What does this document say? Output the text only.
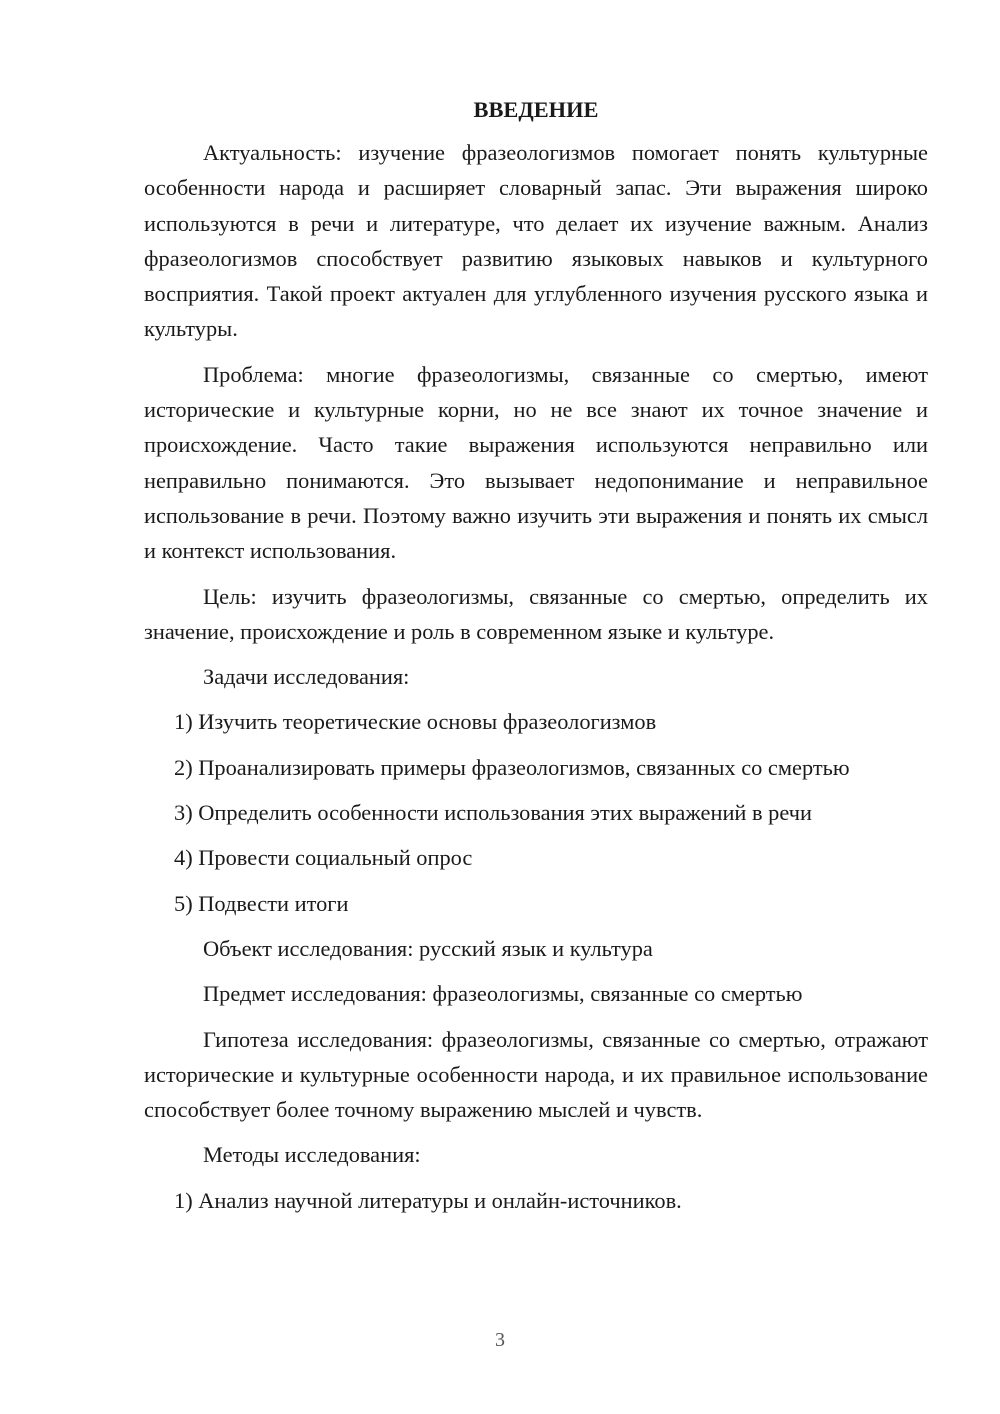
ВВЕДЕНИЕ

Актуальность: изучение фразеологизмов помогает понять культурные особенности народа и расширяет словарный запас. Эти выражения широко используются в речи и литературе, что делает их изучение важным. Анализ фразеологизмов способствует развитию языковых навыков и культурного восприятия. Такой проект актуален для углубленного изучения русского языка и культуры.

Проблема: многие фразеологизмы, связанные со смертью, имеют исторические и культурные корни, но не все знают их точное значение и происхождение. Часто такие выражения используются неправильно или неправильно понимаются. Это вызывает недопонимание и неправильное использование в речи. Поэтому важно изучить эти выражения и понять их смысл и контекст использования.

Цель: изучить фразеологизмы, связанные со смертью, определить их значение, происхождение и роль в современном языке и культуре.

Задачи исследования:

1) Изучить теоретические основы фразеологизмов

2) Проанализировать примеры фразеологизмов, связанных со смертью

3) Определить особенности использования этих выражений в речи

4) Провести социальный опрос

5) Подвести итоги

Объект исследования: русский язык и культура

Предмет исследования: фразеологизмы, связанные со смертью

Гипотеза исследования: фразеологизмы, связанные со смертью, отражают исторические и культурные особенности народа, и их правильное использование способствует более точному выражению мыслей и чувств.

Методы исследования:

1) Анализ научной литературы и онлайн-источников.

3
